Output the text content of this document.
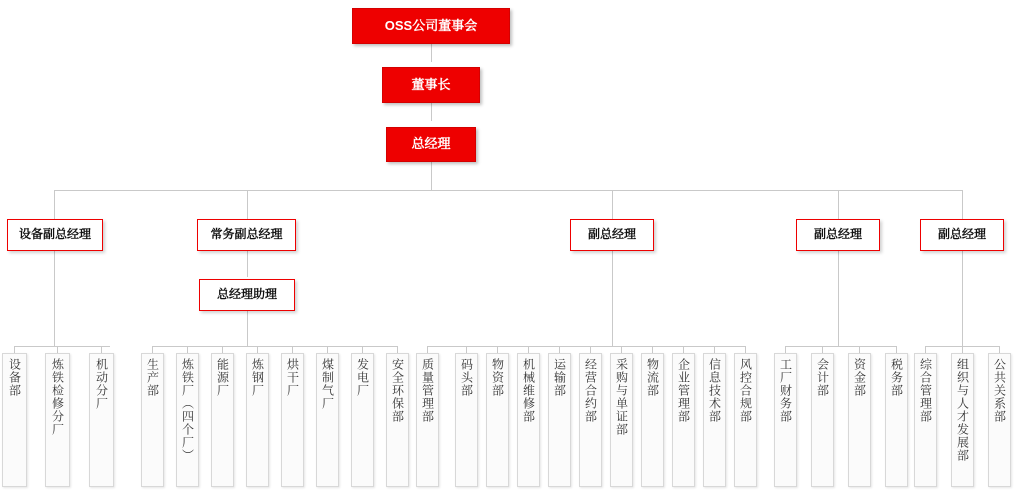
OSS公司董事会
董事长
总经理
设备副总经理	常务副总经理
总经理助理
副总经理	副总经理	副总经理
设备部 炼铁检修分厂	机动分厂	生产部 炼铁厂（四个厂） 能源厂 炼钢厂 烘干厂 煤制气厂 发电厂 安全环保部 质量管理部 码头部 物资部 机械维修部 运输部 经营合约部 采购与单证部 物流部 企业管理部 信息技术部 风控合规部 工厂财务部 会计部 资金部 税务部 综合管理部 组织与人才发展部 公共关系部
